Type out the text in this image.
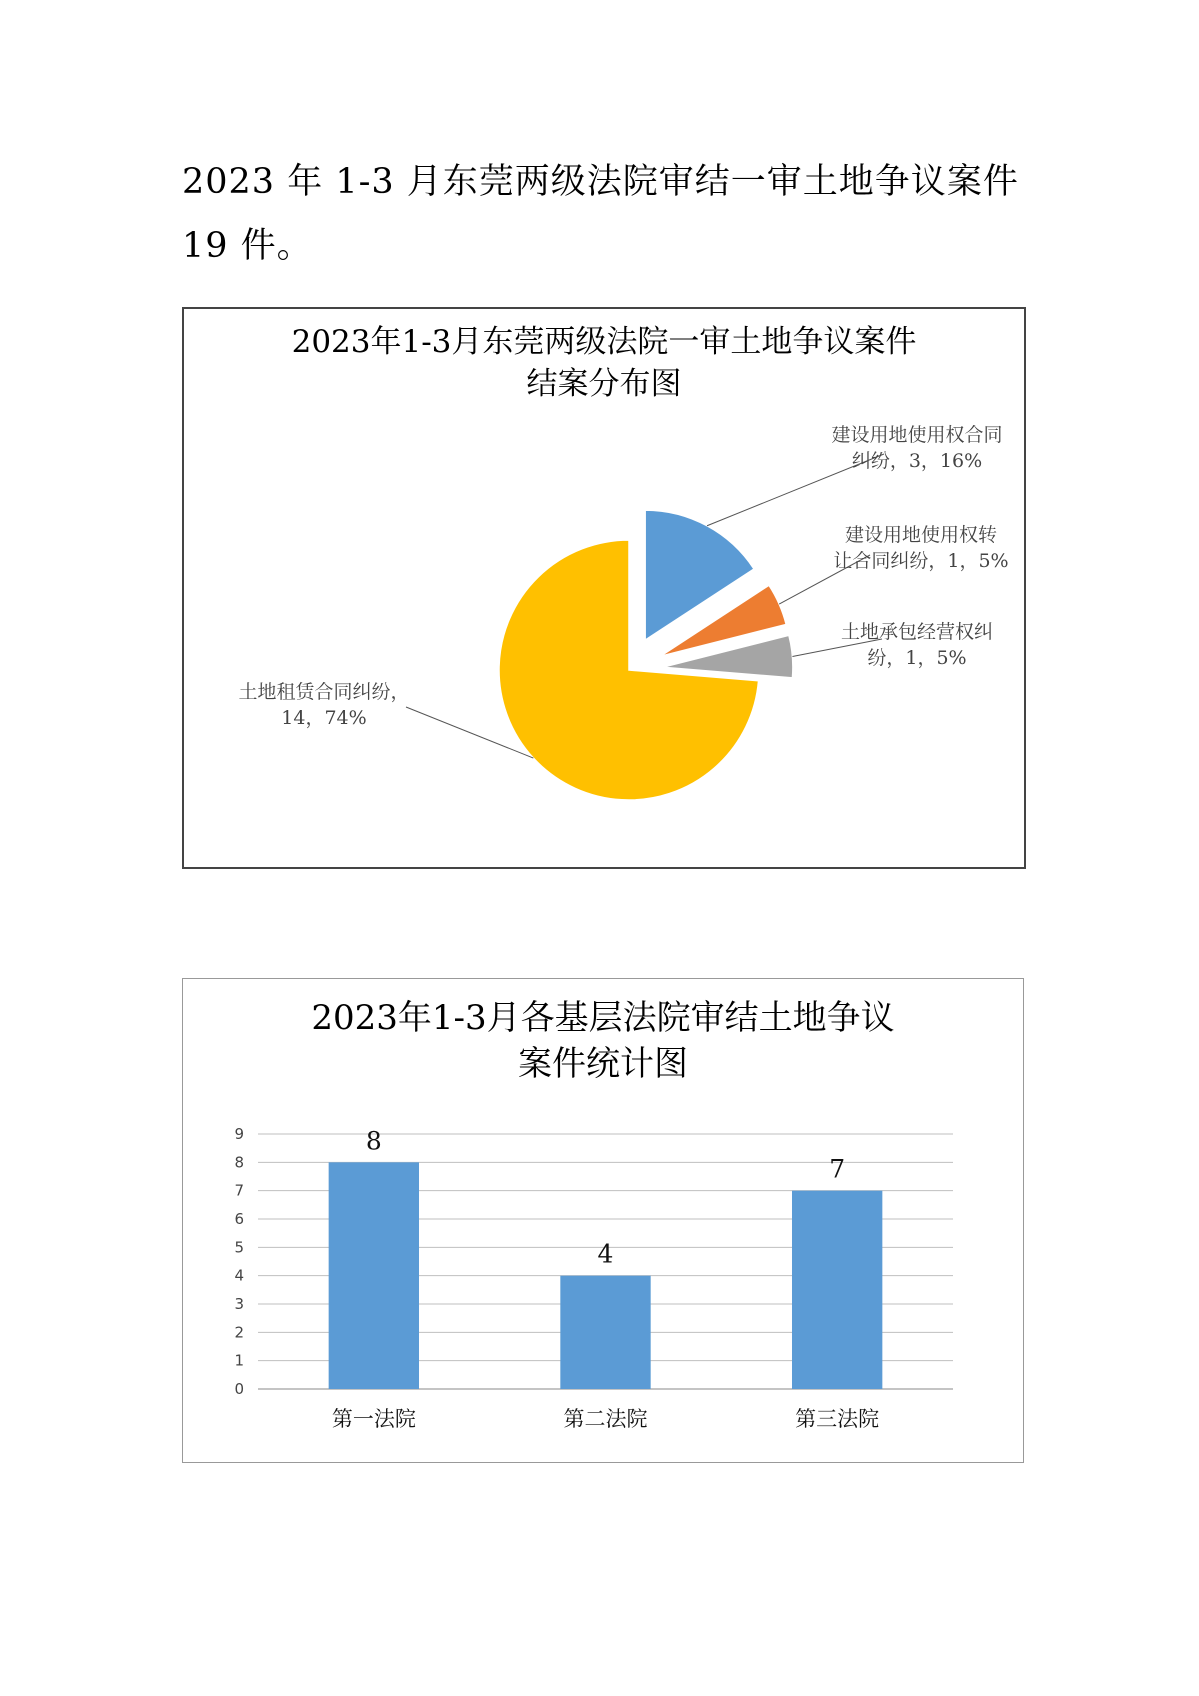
2023 年 1-3 月东莞两级法院审结一审土地争议案件
19 件。
2023年1-3月东莞两级法院一审土地争议案件
结案分布图
建设用地使用权合同
纠纷，3，16%
建设用地使用权转
让合同纠纷，1，5%
土地承包经营权纠
纷，1，5%
土地租赁合同纠纷，
14，74%
2023年1-3月各基层法院审结土地争议
案件统计图
0
1
2
3
4
5
6
7
8
9	8
第一法院
4
第二法院
7
第三法院
